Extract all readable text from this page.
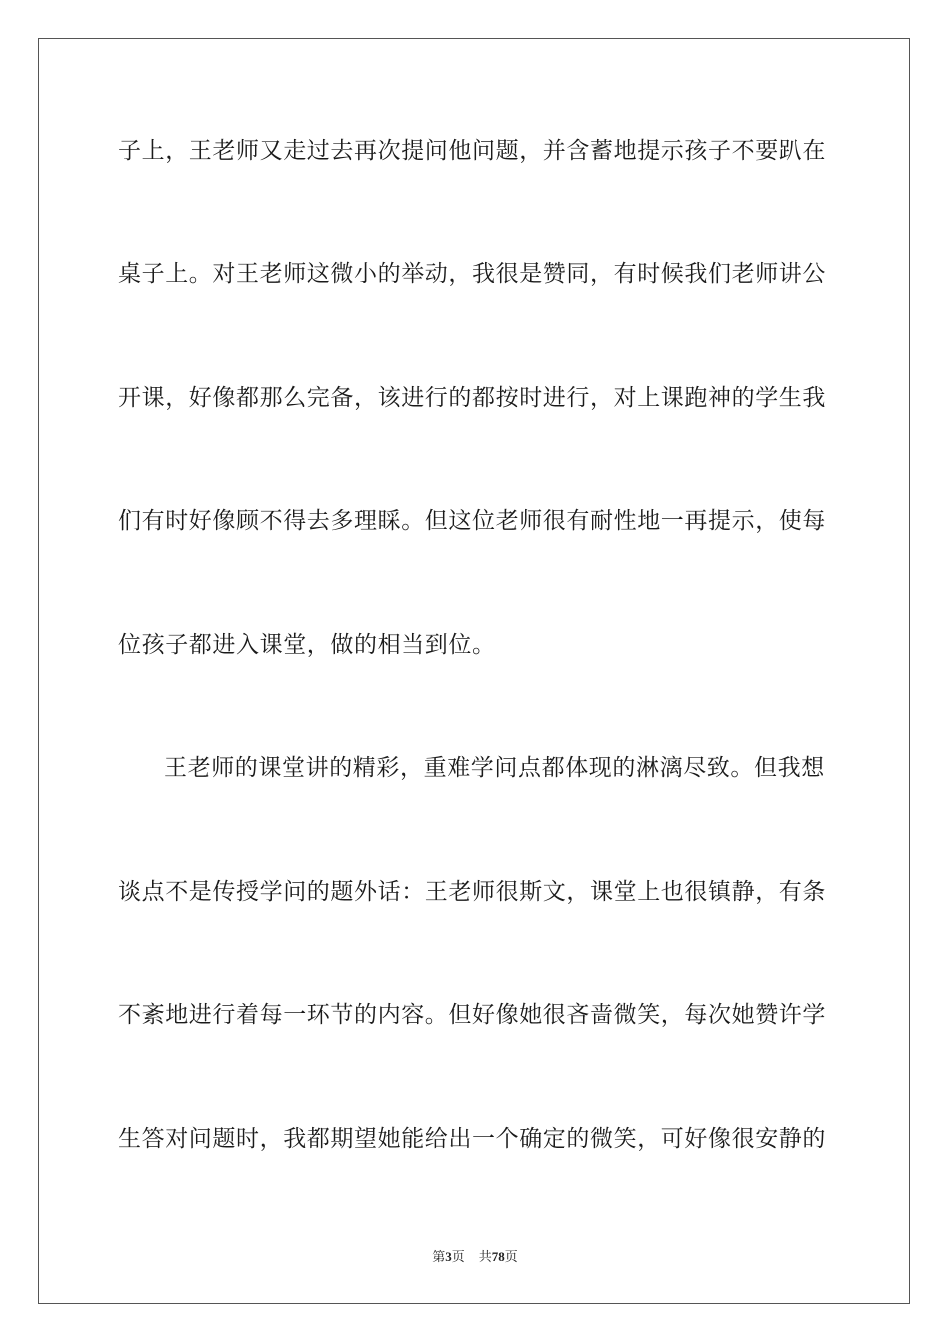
子上，王老师又走过去再次提问他问题，并含蓄地提示孩子不要趴在
桌子上。对王老师这微小的举动，我很是赞同，有时候我们老师讲公
开课，好像都那么完备，该进行的都按时进行，对上课跑神的学生我
们有时好像顾不得去多理睬。但这位老师很有耐性地一再提示，使每
位孩子都进入课堂，做的相当到位。
王老师的课堂讲的精彩，重难学问点都体现的淋漓尽致。但我想
谈点不是传授学问的题外话：王老师很斯文，课堂上也很镇静，有条
不紊地进行着每一环节的内容。但好像她很吝啬微笑，每次她赞许学
生答对问题时，我都期望她能给出一个确定的微笑，可好像很安静的
第3页 共78页
